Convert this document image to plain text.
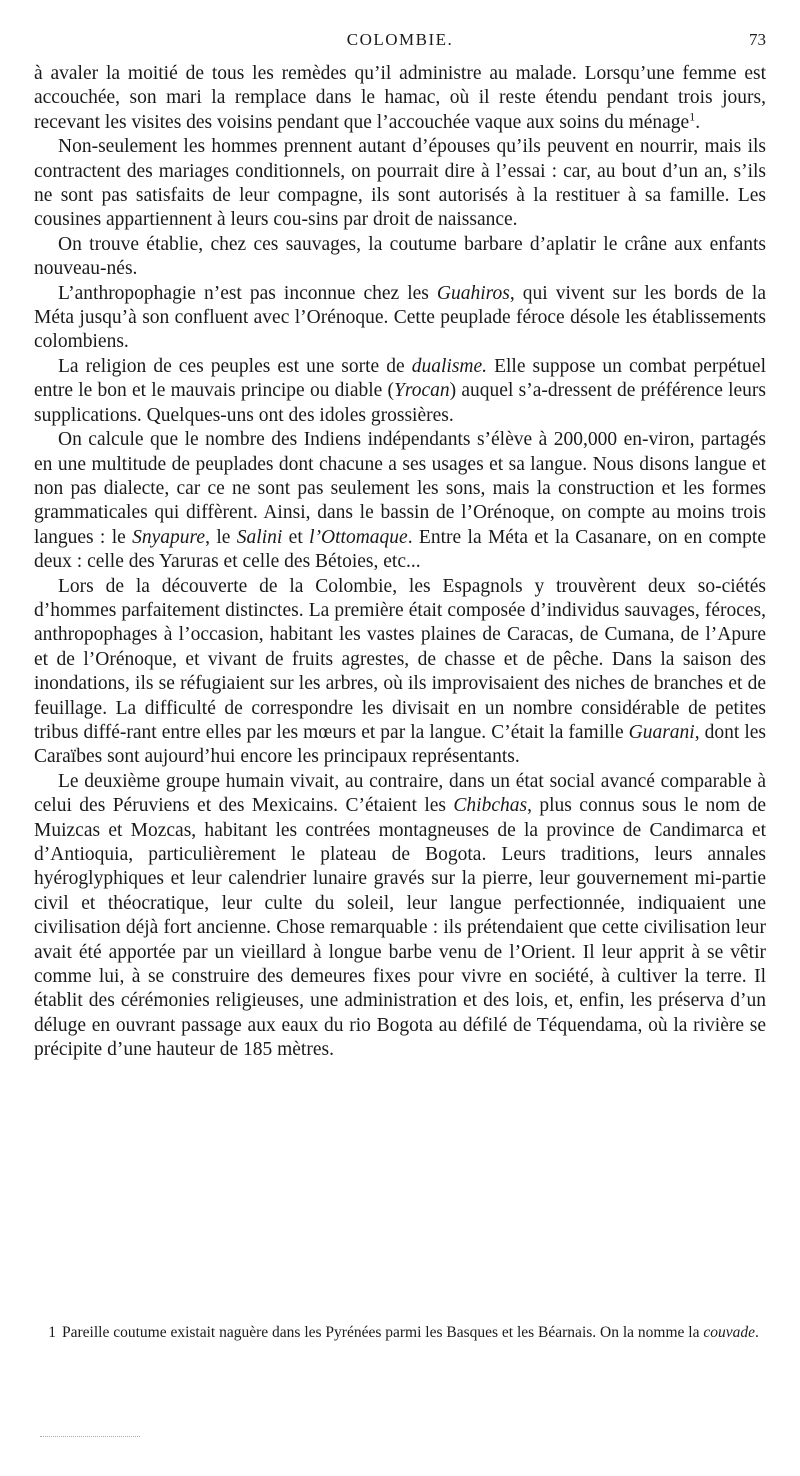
COLOMBIE.	73

à avaler la moitié de tous les remèdes qu’il administre au malade. Lorsqu’une femme est accouchée, son mari la remplace dans le hamac, où il reste étendu pendant trois jours, recevant les visites des voisins pendant que l’accouchée vaque aux soins du ménage$^1$.

Non-seulement les hommes prennent autant d’épouses qu’ils peuvent en nourrir, mais ils contractent des mariages conditionnels, on pourrait dire à l’essai : car, au bout d’un an, s’ils ne sont pas satisfaits de leur compagne, ils sont autorisés à la restituer à sa famille. Les cousines appartiennent à leurs cou-sins par droit de naissance.

On trouve établie, chez ces sauvages, la coutume barbare d’aplatir le crâne aux enfants nouveau-nés.

L’anthropophagie n’est pas inconnue chez les Guahiros, qui vivent sur les bords de la Méta jusqu’à son confluent avec l’Orénoque. Cette peuplade féroce désole les établissements colombiens.

La religion de ces peuples est une sorte de dualisme. Elle suppose un combat perpétuel entre le bon et le mauvais principe ou diable (Yrocan) auquel s’a-dressent de préférence leurs supplications. Quelques-uns ont des idoles grossières.

On calcule que le nombre des Indiens indépendants s’élève à 200,000 en-viron, partagés en une multitude de peuplades dont chacune a ses usages et sa langue. Nous disons langue et non pas dialecte, car ce ne sont pas seulement les sons, mais la construction et les formes grammaticales qui diffèrent. Ainsi, dans le bassin de l’Orénoque, on compte au moins trois langues : le Snyapure, le Salini et l’Ottomaque. Entre la Méta et la Casanare, on en compte deux : celle des Yaruras et celle des Bétoies, etc...

Lors de la découverte de la Colombie, les Espagnols y trouvèrent deux so-ciétés d’hommes parfaitement distinctes. La première était composée d’individus sauvages, féroces, anthropophages à l’occasion, habitant les vastes plaines de Caracas, de Cumana, de l’Apure et de l’Orénoque, et vivant de fruits agrestes, de chasse et de pêche. Dans la saison des inondations, ils se réfugiaient sur les arbres, où ils improvisaient des niches de branches et de feuillage. La difficulté de correspondre les divisait en un nombre considérable de petites tribus diffé-rant entre elles par les mœurs et par la langue. C’était la famille Guarani, dont les Caraïbes sont aujourd’hui encore les principaux représentants.

Le deuxième groupe humain vivait, au contraire, dans un état social avancé comparable à celui des Péruviens et des Mexicains. C’étaient les Chibchas, plus connus sous le nom de Muizcas et Mozcas, habitant les contrées montagneuses de la province de Candimarca et d’Antioquia, particulièrement le plateau de Bogota. Leurs traditions, leurs annales hyéroglyphiques et leur calendrier lunaire gravés sur la pierre, leur gouvernement mi-partie civil et théocratique, leur culte du soleil, leur langue perfectionnée, indiquaient une civilisation déjà fort ancienne. Chose remarquable : ils prétendaient que cette civilisation leur avait été apportée par un vieillard à longue barbe venu de l’Orient. Il leur apprit à se vêtir comme lui, à se construire des demeures fixes pour vivre en société, à cultiver la terre. Il établit des cérémonies religieuses, une administration et des lois, et, enfin, les préserva d’un déluge en ouvrant passage aux eaux du rio Bogota au défilé de Téquendama, où la rivière se précipite d’une hauteur de 185 mètres.

1 Pareille coutume existait naguère dans les Pyrénées parmi les Basques et les Béarnais. On la nomme la couvade.
